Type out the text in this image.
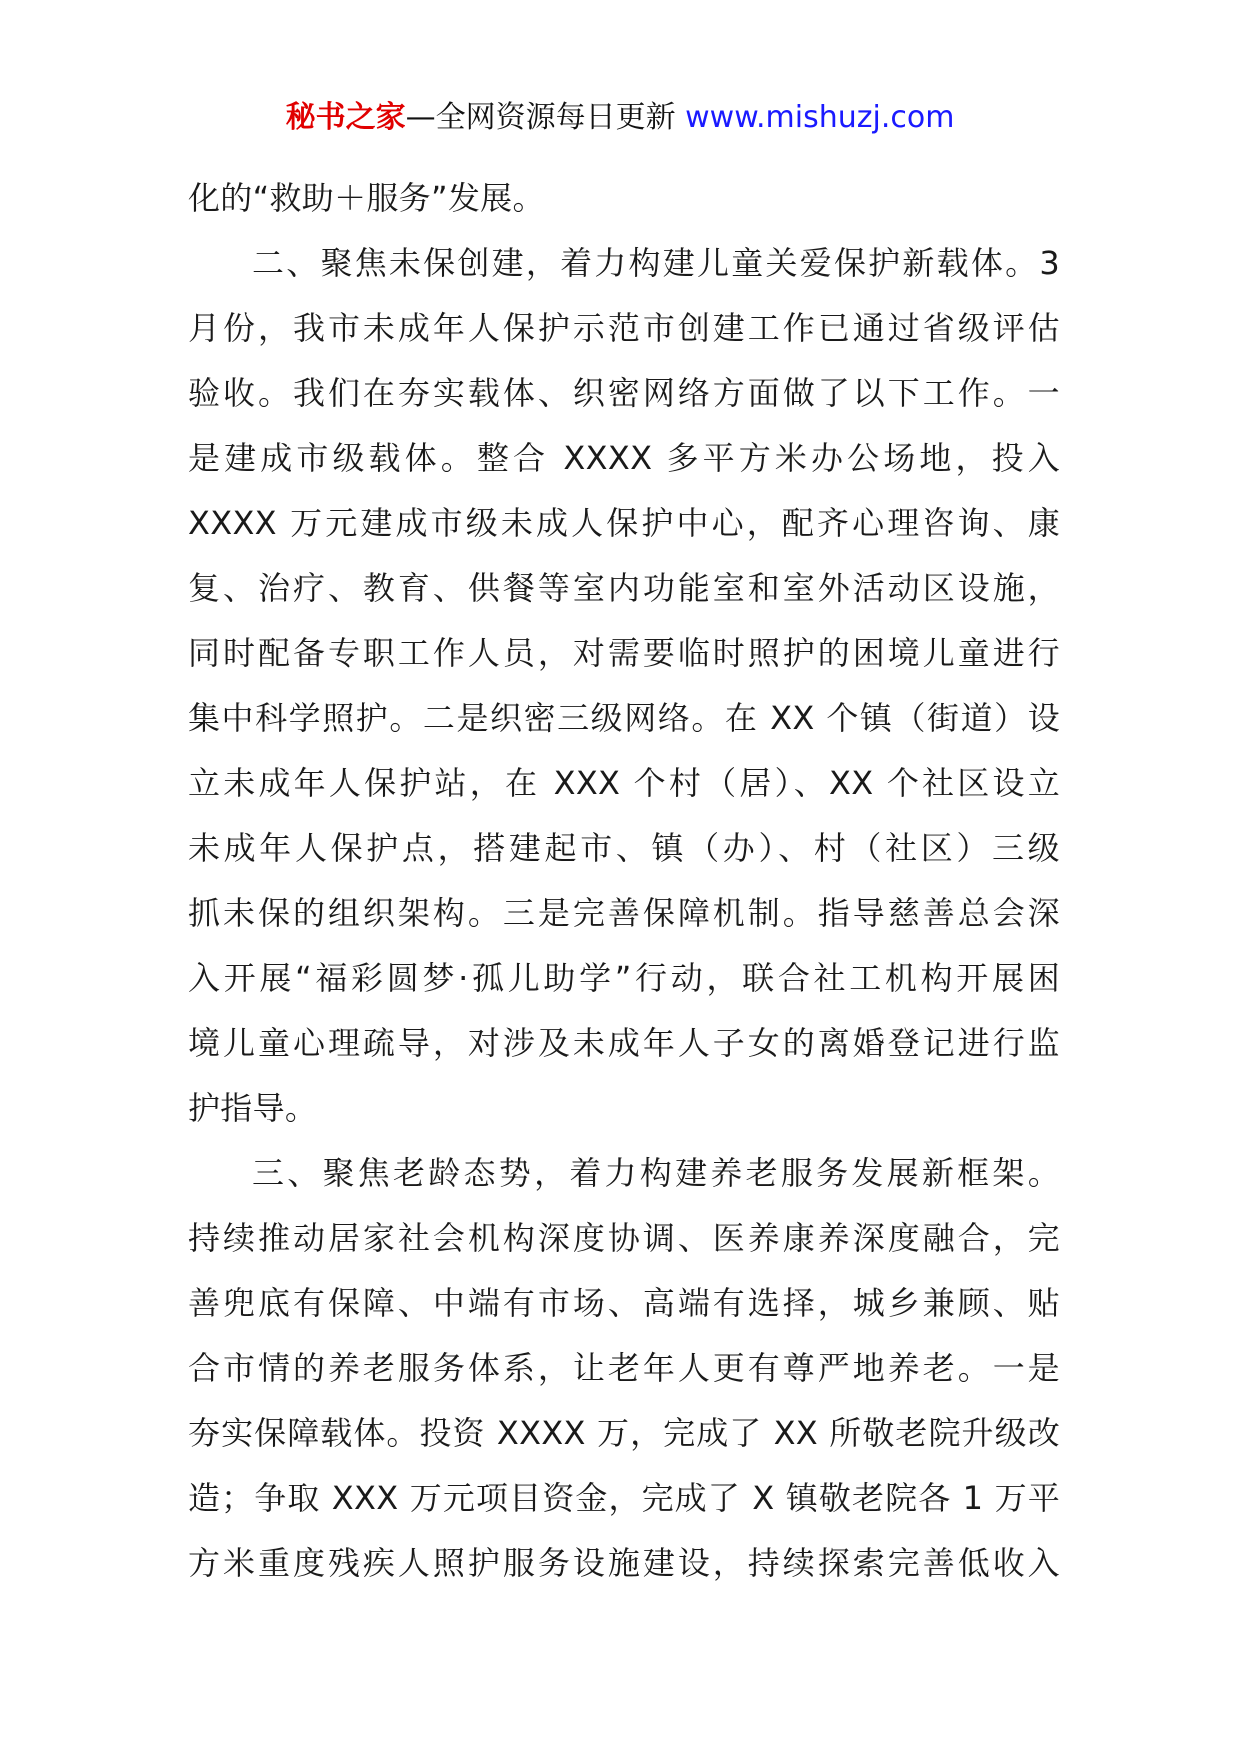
秘书之家—全网资源每日更新 www.mishuzj.com
化的“救助＋服务”发展。
二、聚焦未保创建，着力构建儿童关爱保护新载体。3
月份，我市未成年人保护示范市创建工作已通过省级评估
验收。我们在夯实载体、织密网络方面做了以下工作。一
是建成市级载体。整合 XXXX 多平方米办公场地，投入
XXXX 万元建成市级未成人保护中心，配齐心理咨询、康
复、治疗、教育、供餐等室内功能室和室外活动区设施，
同时配备专职工作人员，对需要临时照护的困境儿童进行
集中科学照护。二是织密三级网络。在 XX 个镇（街道）设
立未成年人保护站，在 XXX 个村（居）、XX 个社区设立
未成年人保护点，搭建起市、镇（办）、村（社区）三级
抓未保的组织架构。三是完善保障机制。指导慈善总会深
入开展“福彩圆梦·孤儿助学”行动，联合社工机构开展困
境儿童心理疏导，对涉及未成年人子女的离婚登记进行监
护指导。
三、聚焦老龄态势，着力构建养老服务发展新框架。
持续推动居家社会机构深度协调、医养康养深度融合，完
善兜底有保障、中端有市场、高端有选择，城乡兼顾、贴
合市情的养老服务体系，让老年人更有尊严地养老。一是
夯实保障载体。投资 XXXX 万，完成了 XX 所敬老院升级改
造；争取 XXX 万元项目资金，完成了 X 镇敬老院各 1 万平
方米重度残疾人照护服务设施建设，持续探索完善低收入
